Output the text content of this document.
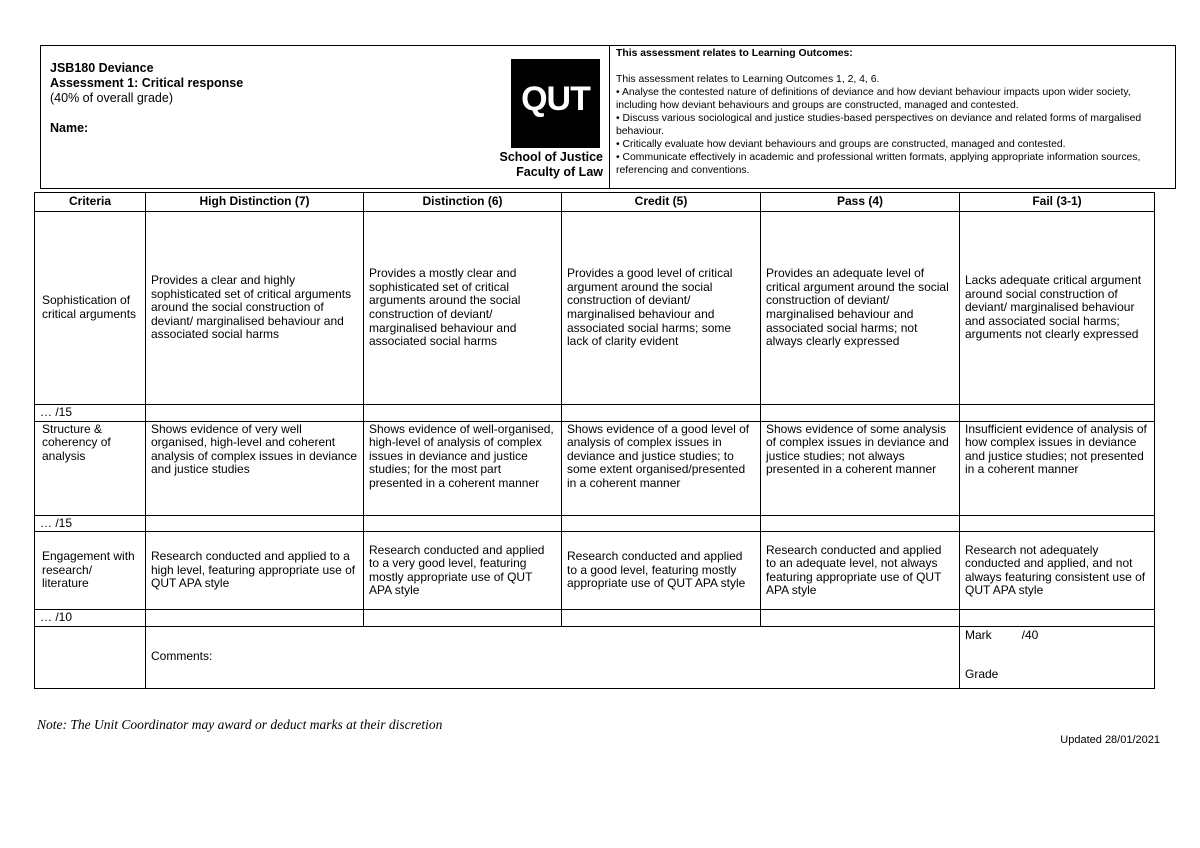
JSB180 Deviance
Assessment 1: Critical response
(40% of overall grade)
Name:
QUT
School of Justice
Faculty of Law
This assessment relates to Learning Outcomes:
This assessment relates to Learning Outcomes 1, 2, 4, 6.
• Analyse the contested nature of definitions of deviance and how deviant behaviour impacts upon wider society, including how deviant behaviours and groups are constructed, managed and contested.
• Discuss various sociological and justice studies-based perspectives on deviance and related forms of margalised behaviour.
• Critically evaluate how deviant behaviours and groups are constructed, managed and contested.
• Communicate effectively in academic and professional written formats, applying appropriate information sources, referencing and conventions.
Criteria	High Distinction (7)	Distinction (6)	Credit (5)	Pass (4)	Fail (3-1)
Sophistication of critical arguments	Provides a clear and highly sophisticated set of critical arguments around the social construction of deviant/ marginalised behaviour and associated social harms	Provides a mostly clear and sophisticated set of critical arguments around the social construction of deviant/ marginalised behaviour and associated social harms	Provides a good level of critical argument around the social construction of deviant/ marginalised behaviour and associated social harms; some lack of clarity evident	Provides an adequate level of critical argument around the social construction of deviant/ marginalised behaviour and associated social harms; not always clearly expressed	Lacks adequate critical argument around social construction of deviant/ marginalised behaviour and associated social harms; arguments not clearly expressed
… /15					
Structure & coherency of analysis	Shows evidence of very well organised, high-level and coherent analysis of complex issues in deviance and justice studies	Shows evidence of well-organised, high-level of analysis of complex issues in deviance and justice studies; for the most part presented in a coherent manner	Shows evidence of a good level of analysis of complex issues in deviance and justice studies; to some extent organised/presented in a coherent manner	Shows evidence of some analysis of complex issues in deviance and justice studies; not always presented in a coherent manner	Insufficient evidence of analysis of how complex issues in deviance and justice studies; not presented in a coherent manner
… /15					
Engagement with research/ literature	Research conducted and applied to a high level, featuring appropriate use of QUT APA style	Research conducted and applied to a very good level, featuring mostly appropriate use of QUT APA style	Research conducted and applied to a good level, featuring mostly appropriate use of QUT APA style	Research conducted and applied to an adequate level, not always featuring appropriate use of QUT APA style	Research not adequately conducted and applied, and not always featuring consistent use of QUT APA style
… /10					
	Comments:				Mark /40
Grade
Note: The Unit Coordinator may award or deduct marks at their discretion
Updated 28/01/2021
